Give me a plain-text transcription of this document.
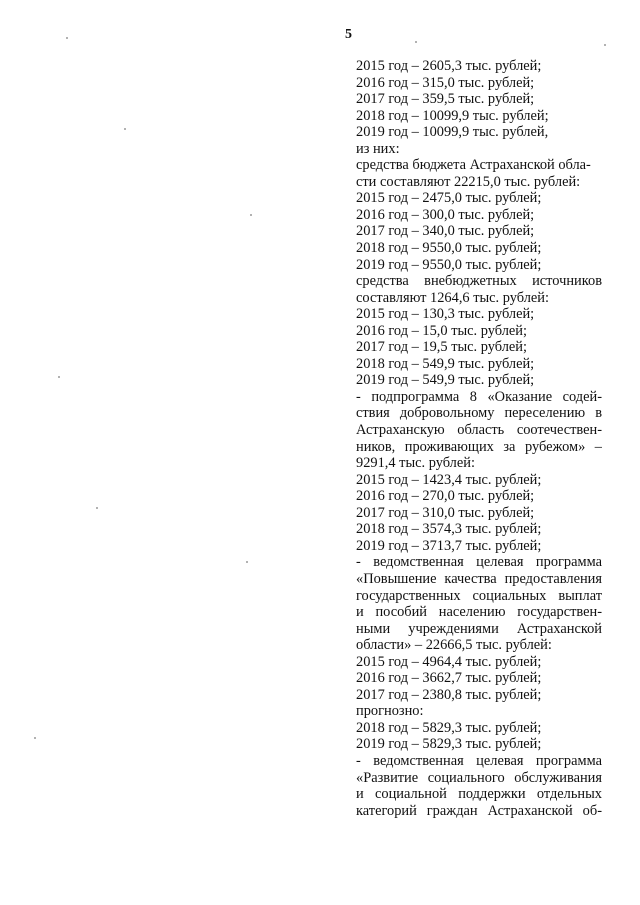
5
2015 год – 2605,3 тыс. рублей;
2016 год – 315,0 тыс. рублей;
2017 год – 359,5 тыс. рублей;
2018 год – 10099,9 тыс. рублей;
2019 год – 10099,9 тыс. рублей,
из них:
средства бюджета Астраханской обла-
сти составляют 22215,0 тыс. рублей:
2015 год – 2475,0 тыс. рублей;
2016 год – 300,0 тыс. рублей;
2017 год – 340,0 тыс. рублей;
2018 год – 9550,0 тыс. рублей;
2019 год – 9550,0 тыс. рублей;
средства внебюджетных источников
составляют 1264,6 тыс. рублей:
2015 год – 130,3 тыс. рублей;
2016 год – 15,0 тыс. рублей;
2017 год – 19,5 тыс. рублей;
2018 год – 549,9 тыс. рублей;
2019 год – 549,9 тыс. рублей;
- подпрограмма 8 «Оказание содей-
ствия добровольному переселению в
Астраханскую область соотечествен-
ников, проживающих за рубежом» –
9291,4 тыс. рублей:
2015 год – 1423,4 тыс. рублей;
2016 год – 270,0 тыс. рублей;
2017 год – 310,0 тыс. рублей;
2018 год – 3574,3 тыс. рублей;
2019 год – 3713,7 тыс. рублей;
- ведомственная целевая программа
«Повышение качества предоставления
государственных социальных выплат
и пособий населению государствен-
ными учреждениями Астраханской
области» – 22666,5 тыс. рублей:
2015 год – 4964,4 тыс. рублей;
2016 год – 3662,7 тыс. рублей;
2017 год – 2380,8 тыс. рублей;
прогнозно:
2018 год – 5829,3 тыс. рублей;
2019 год – 5829,3 тыс. рублей;
- ведомственная целевая программа
«Развитие социального обслуживания
и социальной поддержки отдельных
категорий граждан Астраханской об-
